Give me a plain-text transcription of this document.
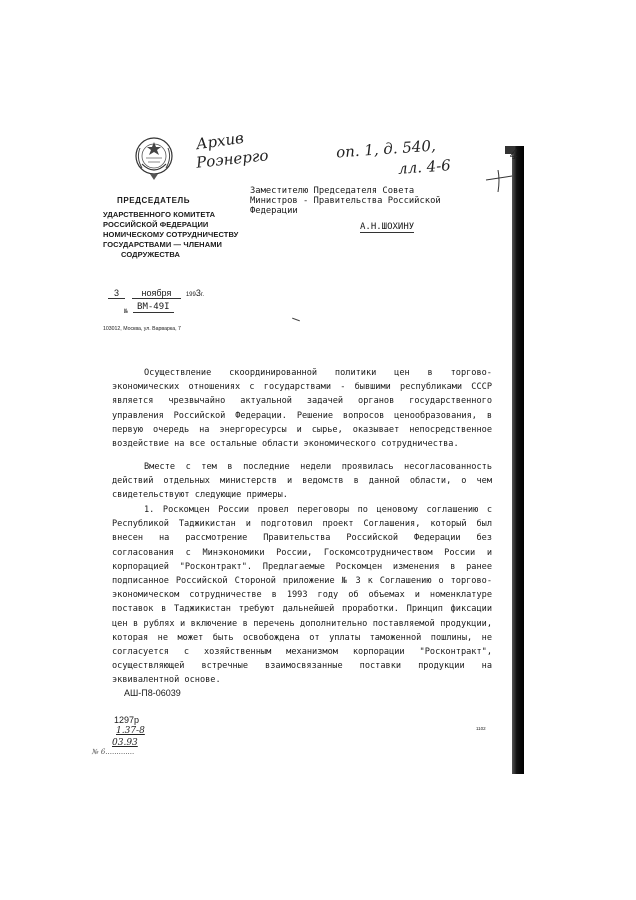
Архив
Роэнерго	оп. 1, д. 540,
лл. 4-6
4
ПРЕДСЕДАТЕЛЬ
УДАРСТВЕННОГО КОМИТЕТА
РОССИЙСКОЙ ФЕДЕРАЦИИ
НОМИЧЕСКОМУ СОТРУДНИЧЕСТВУ
ГОСУДАРСТВАМИ — ЧЛЕНАМИ
СОДРУЖЕСТВА
3	ноября 1993г.
$_№$ ВМ-49I
103012, Москва, ул. Варварка, 7
Заместителю Председателя Совета
Министров - Правительства Российской
Федерации
А.Н.ШОХИНУ
Осуществление скоординированной политики цен в торгово-экономических отношениях с государствами - бывшими республиками СССР является чрезвычайно актуальной задачей органов государственного управления Российской Федерации. Решение вопросов ценообразования, в первую очередь на энергоресурсы и сырье, оказывает непосредственное воздействие на все остальные области экономического сотрудничества.
Вместе с тем в последние недели проявилась несогласованность действий отдельных министерств и ведомств в данной области, о чем свидетельствуют следующие примеры.
1. Роскомцен России провел переговоры по ценовому соглашению с Республикой Таджикистан и подготовил проект Соглашения, который был внесен на рассмотрение Правительства Российской Федерации без согласования с Минэкономики России, Госкомсотрудничеством России и корпорацией "Росконтракт". Предлагаемые Роскомцен изменения в ранее подписанное Российской Стороной приложение № 3 к Соглашению о торгово-экономическом сотрудничестве в 1993 году об объемах и номенклатуре поставок в Таджикистан требуют дальнейшей проработки. Принцип фиксации цен в рублях и включение в перечень дополнительно поставляемой продукции, которая не может быть освобождена от уплаты таможенной пошлины, не согласуется с хозяйственным механизмом корпорации "Росконтракт", осуществляющей встречные взаимосвязанные поставки продукции на эквивалентной основе.
АШ-П8-06039
1297р
1.37-8
03.93
№ 6.............
1102
